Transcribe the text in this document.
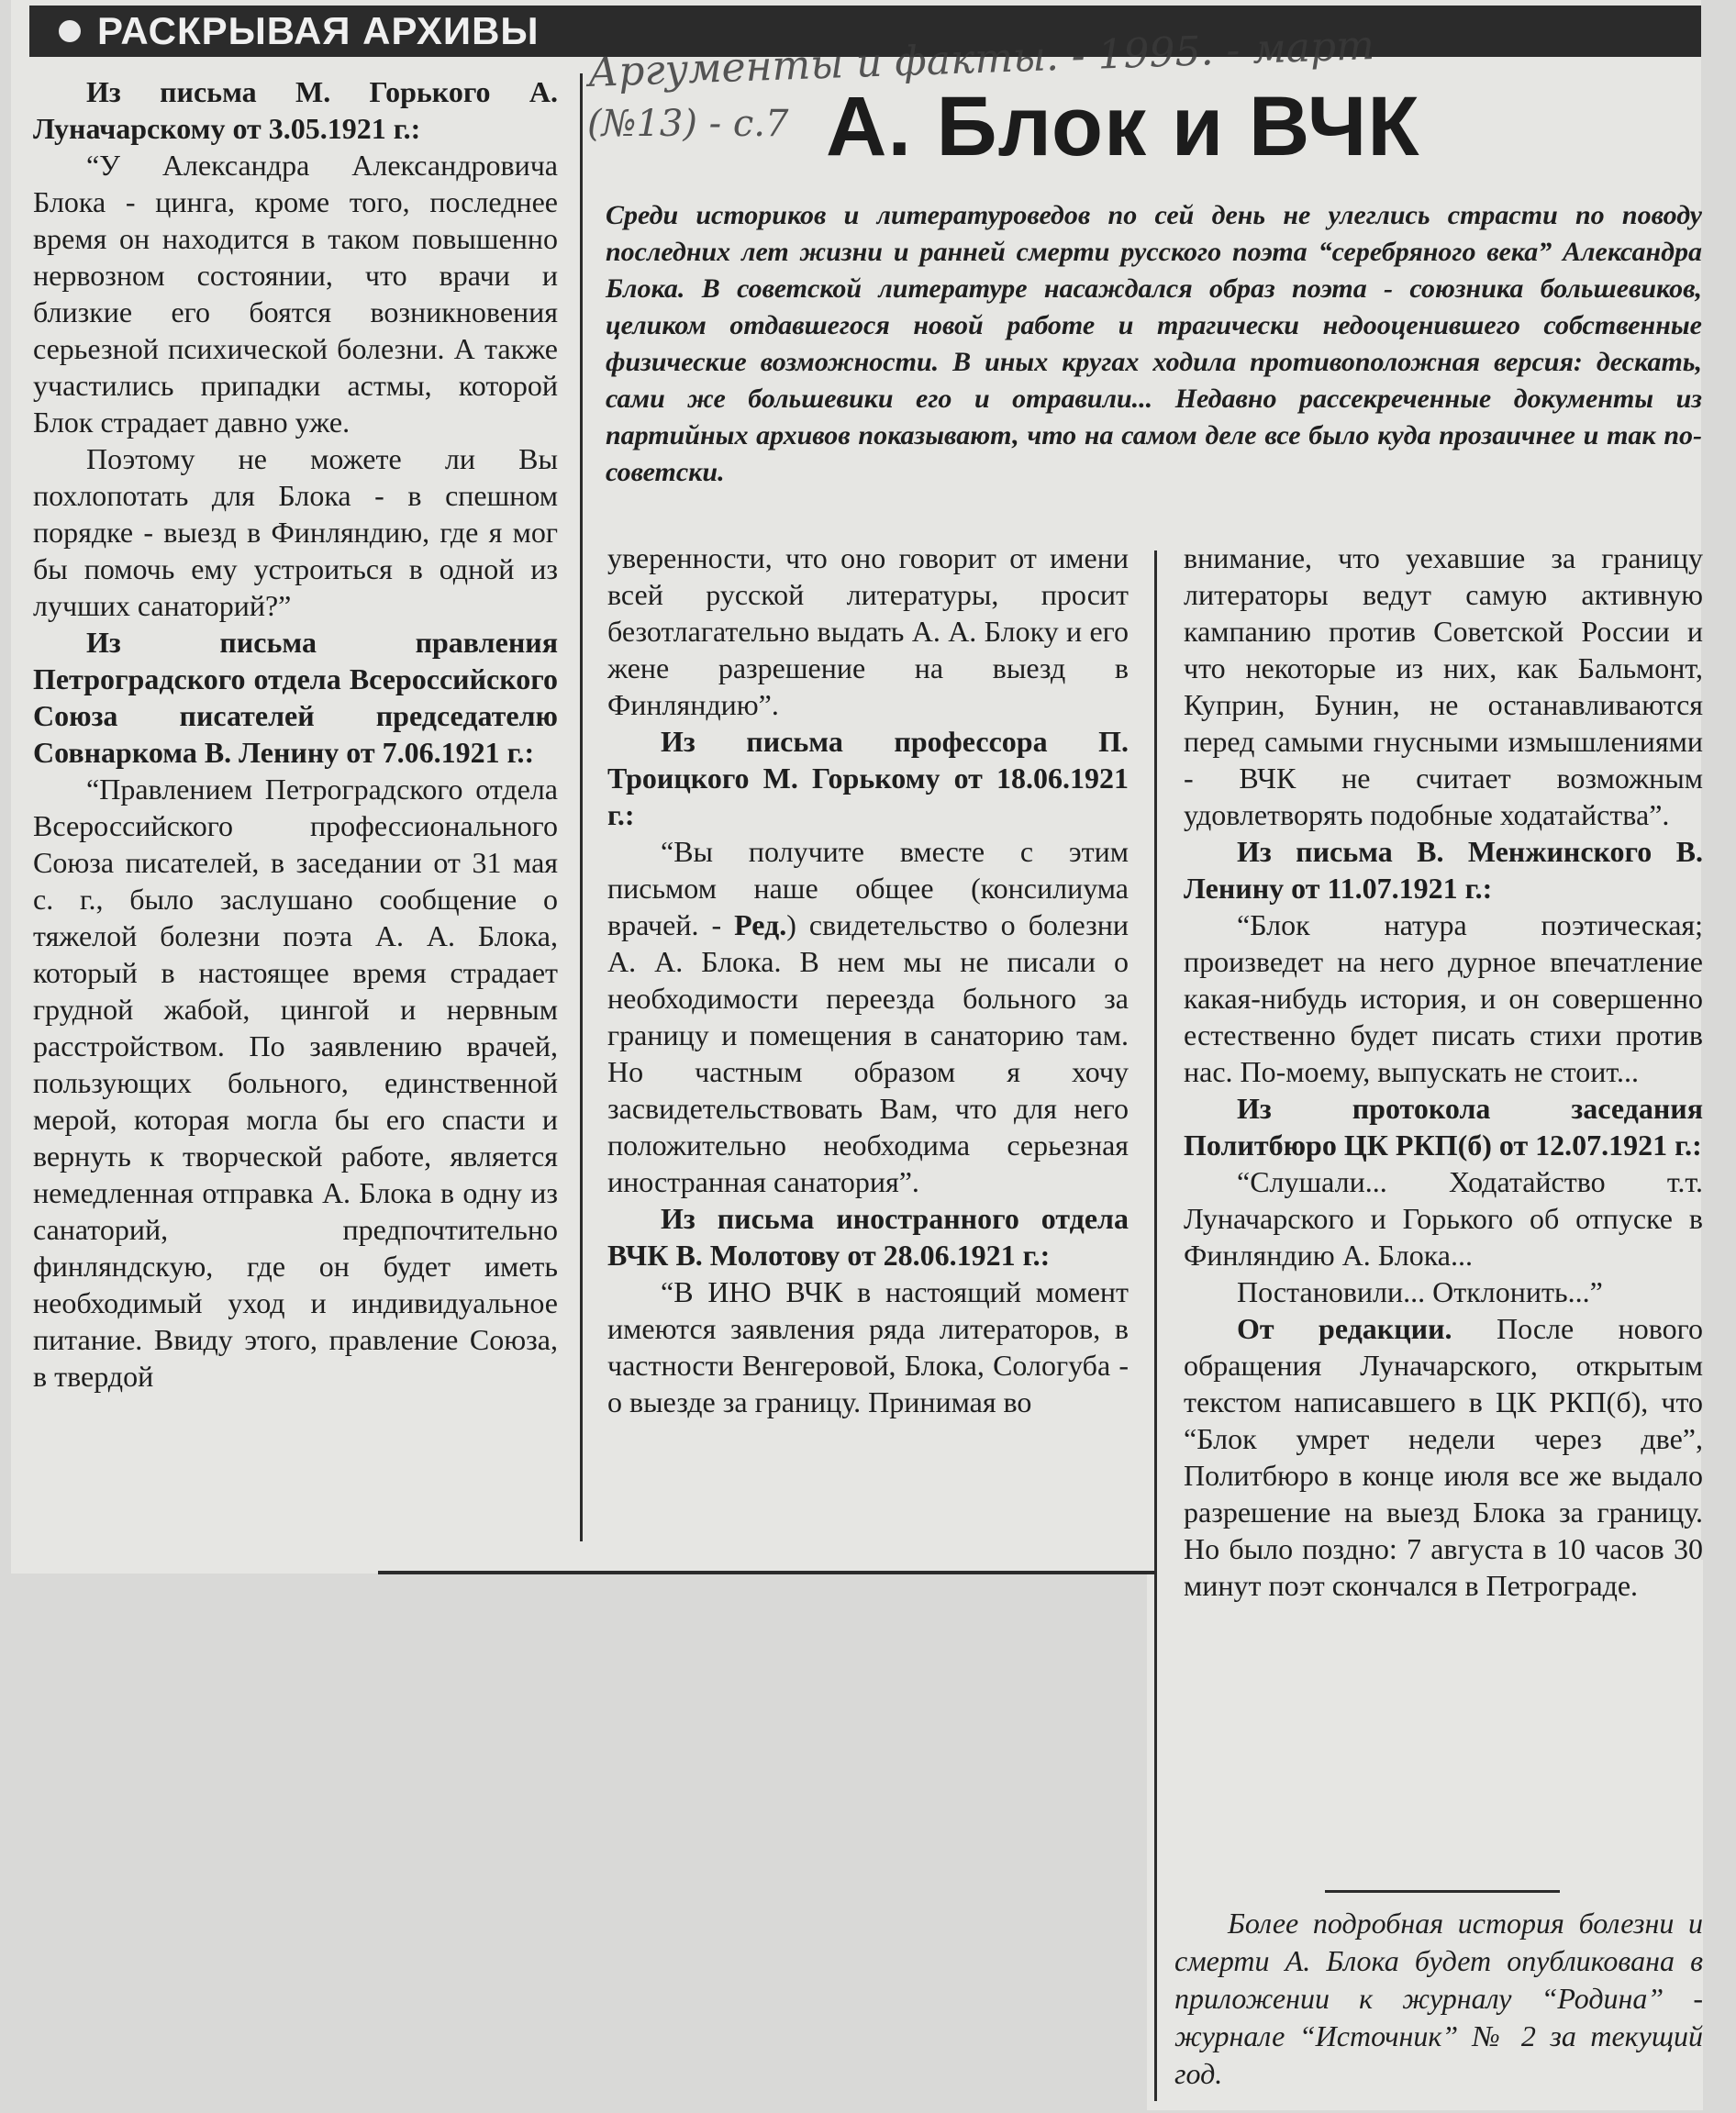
РАСКРЫВАЯ АРХИВЫ Аргументы и факты. - 1995. - март
(№13) - с.7 А. Блок и ВЧК

Среди историков и литературоведов по сей день не улеглись страсти по поводу последних лет жизни и ранней смерти русского поэта “серебряного века” Александра Блока. В советской литературе насаждался образ поэта - союзника большевиков, целиком отдавшегося новой работе и трагически недооценившего собственные физические возможности. В иных кругах ходила противоположная версия: дескать, сами же большевики его и отравили... Недавно рассекреченные документы из партийных архивов показывают, что на самом деле все было куда прозаичнее и так по-советски.

Из письма М. Горького А. Луначарскому от 3.05.1921 г.:

“У Александра Александровича Блока - цинга, кроме того, последнее время он находится в таком повышенно нервозном состоянии, что врачи и близкие его боятся возникновения серьезной психической болезни. А также участились припадки астмы, которой Блок страдает давно уже.

Поэтому не можете ли Вы похлопотать для Блока - в спешном порядке - выезд в Финляндию, где я мог бы помочь ему устроиться в одной из лучших санаторий?”

Из письма правления Петроградского отдела Всероссийского Союза писателей председателю Совнаркома В. Ленину от 7.06.1921 г.:

“Правлением Петроградского отдела Всероссийского профессионального Союза писателей, в заседании от 31 мая с. г., было заслушано сообщение о тяжелой болезни поэта А. А. Блока, который в настоящее время страдает грудной жабой, цингой и нервным расстройством. По заявлению врачей, пользующих больного, единственной мерой, которая могла бы его спасти и вернуть к творческой работе, является немедленная отправка А. Блока в одну из санаторий, предпочтительно финляндскую, где он будет иметь необходимый уход и индивидуальное питание. Ввиду этого, правление Союза, в твердой

уверенности, что оно говорит от имени всей русской литературы, просит безотлагательно выдать А. А. Блоку и его жене разрешение на выезд в Финляндию”.

Из письма профессора П. Троицкого М. Горькому от 18.06.1921 г.:

“Вы получите вместе с этим письмом наше общее (консилиума врачей. - Ред.) свидетельство о болезни А. А. Блока. В нем мы не писали о необходимости переезда больного за границу и помещения в санаторию там. Но частным образом я хочу засвидетельствовать Вам, что для него положительно необходима серьезная иностранная санатория”.

Из письма иностранного отдела ВЧК В. Молотову от 28.06.1921 г.:

“В ИНО ВЧК в настоящий момент имеются заявления ряда литераторов, в частности Венгеровой, Блока, Сологуба - о выезде за границу. Принимая во

внимание, что уехавшие за границу литераторы ведут самую активную кампанию против Советской России и что некоторые из них, как Бальмонт, Куприн, Бунин, не останавливаются перед самыми гнусными измышлениями - ВЧК не считает возможным удовлетворять подобные ходатайства”.

Из письма В. Менжинского В. Ленину от 11.07.1921 г.:

“Блок натура поэтическая; произведет на него дурное впечатление какая-нибудь история, и он совершенно естественно будет писать стихи против нас. По-моему, выпускать не стоит...

Из протокола заседания Политбюро ЦК РКП(б) от 12.07.1921 г.:

“Слушали... Ходатайство т.т. Луначарского и Горького об отпуске в Финляндию А. Блока...

Постановили... Отклонить...”

От редакции. После нового обращения Луначарского, открытым текстом написавшего в ЦК РКП(б), что “Блок умрет недели через две”, Политбюро в конце июля все же выдало разрешение на выезд Блока за границу. Но было поздно: 7 августа в 10 часов 30 минут поэт скончался в Петрограде.

Более подробная история болезни и смерти А. Блока будет опубликована в приложении к журналу “Родина” - журнале “Источник” № 2 за текущий год.
